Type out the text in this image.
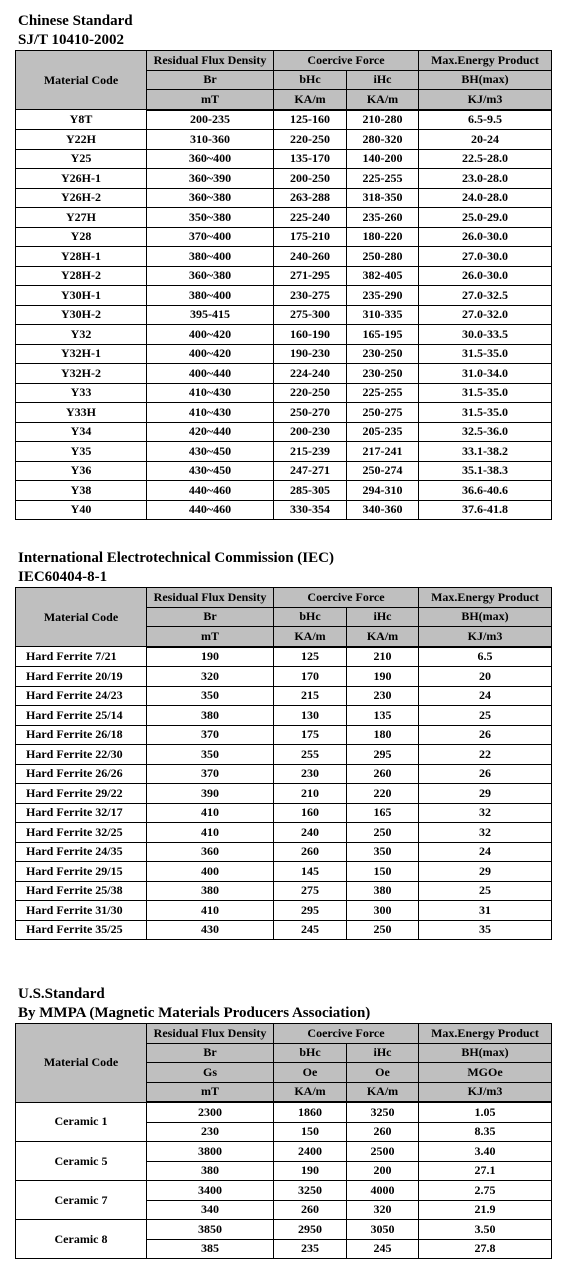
Chinese Standard
SJ/T 10410-2002
Material Code	Residual Flux Density	Coercive Force		Max.Energy Product
	Br	bHc	iHc	BH(max)
	mT	KA/m	KA/m	KJ/m3
Y8T	200-235	125-160	210-280	6.5-9.5
Y22H	310-360	220-250	280-320	20-24
Y25	360~400	135-170	140-200	22.5-28.0
Y26H-1	360~390	200-250	225-255	23.0-28.0
Y26H-2	360~380	263-288	318-350	24.0-28.0
Y27H	350~380	225-240	235-260	25.0-29.0
Y28	370~400	175-210	180-220	26.0-30.0
Y28H-1	380~400	240-260	250-280	27.0-30.0
Y28H-2	360~380	271-295	382-405	26.0-30.0
Y30H-1	380~400	230-275	235-290	27.0-32.5
Y30H-2	395-415	275-300	310-335	27.0-32.0
Y32	400~420	160-190	165-195	30.0-33.5
Y32H-1	400~420	190-230	230-250	31.5-35.0
Y32H-2	400~440	224-240	230-250	31.0-34.0
Y33	410~430	220-250	225-255	31.5-35.0
Y33H	410~430	250-270	250-275	31.5-35.0
Y34	420~440	200-230	205-235	32.5-36.0
Y35	430~450	215-239	217-241	33.1-38.2
Y36	430~450	247-271	250-274	35.1-38.3
Y38	440~460	285-305	294-310	36.6-40.6
Y40	440~460	330-354	340-360	37.6-41.8
International Electrotechnical Commission (IEC)
IEC60404-8-1
Material Code	Residual Flux Density	Coercive Force		Max.Energy Product
	Br	bHc	iHc	BH(max)
	mT	KA/m	KA/m	KJ/m3
Hard Ferrite 7/21	190	125	210	6.5
Hard Ferrite 20/19	320	170	190	20
Hard Ferrite 24/23	350	215	230	24
Hard Ferrite 25/14	380	130	135	25
Hard Ferrite 26/18	370	175	180	26
Hard Ferrite 22/30	350	255	295	22
Hard Ferrite 26/26	370	230	260	26
Hard Ferrite 29/22	390	210	220	29
Hard Ferrite 32/17	410	160	165	32
Hard Ferrite 32/25	410	240	250	32
Hard Ferrite 24/35	360	260	350	24
Hard Ferrite 29/15	400	145	150	29
Hard Ferrite 25/38	380	275	380	25
Hard Ferrite 31/30	410	295	300	31
Hard Ferrite 35/25	430	245	250	35
U.S.Standard
By MMPA (Magnetic Materials Producers Association)
Material Code	Residual Flux Density	Coercive Force		Max.Energy Product
	Br	bHc	iHc	BH(max)
	Gs	Oe	Oe	MGOe
	mT	KA/m	KA/m	KJ/m3
Ceramic 1	2300	1860	3250	1.05
	230	150	260	8.35
Ceramic 5	3800	2400	2500	3.40
	380	190	200	27.1
Ceramic 7	3400	3250	4000	2.75
	340	260	320	21.9
Ceramic 8	3850	2950	3050	3.50
	385	235	245	27.8
